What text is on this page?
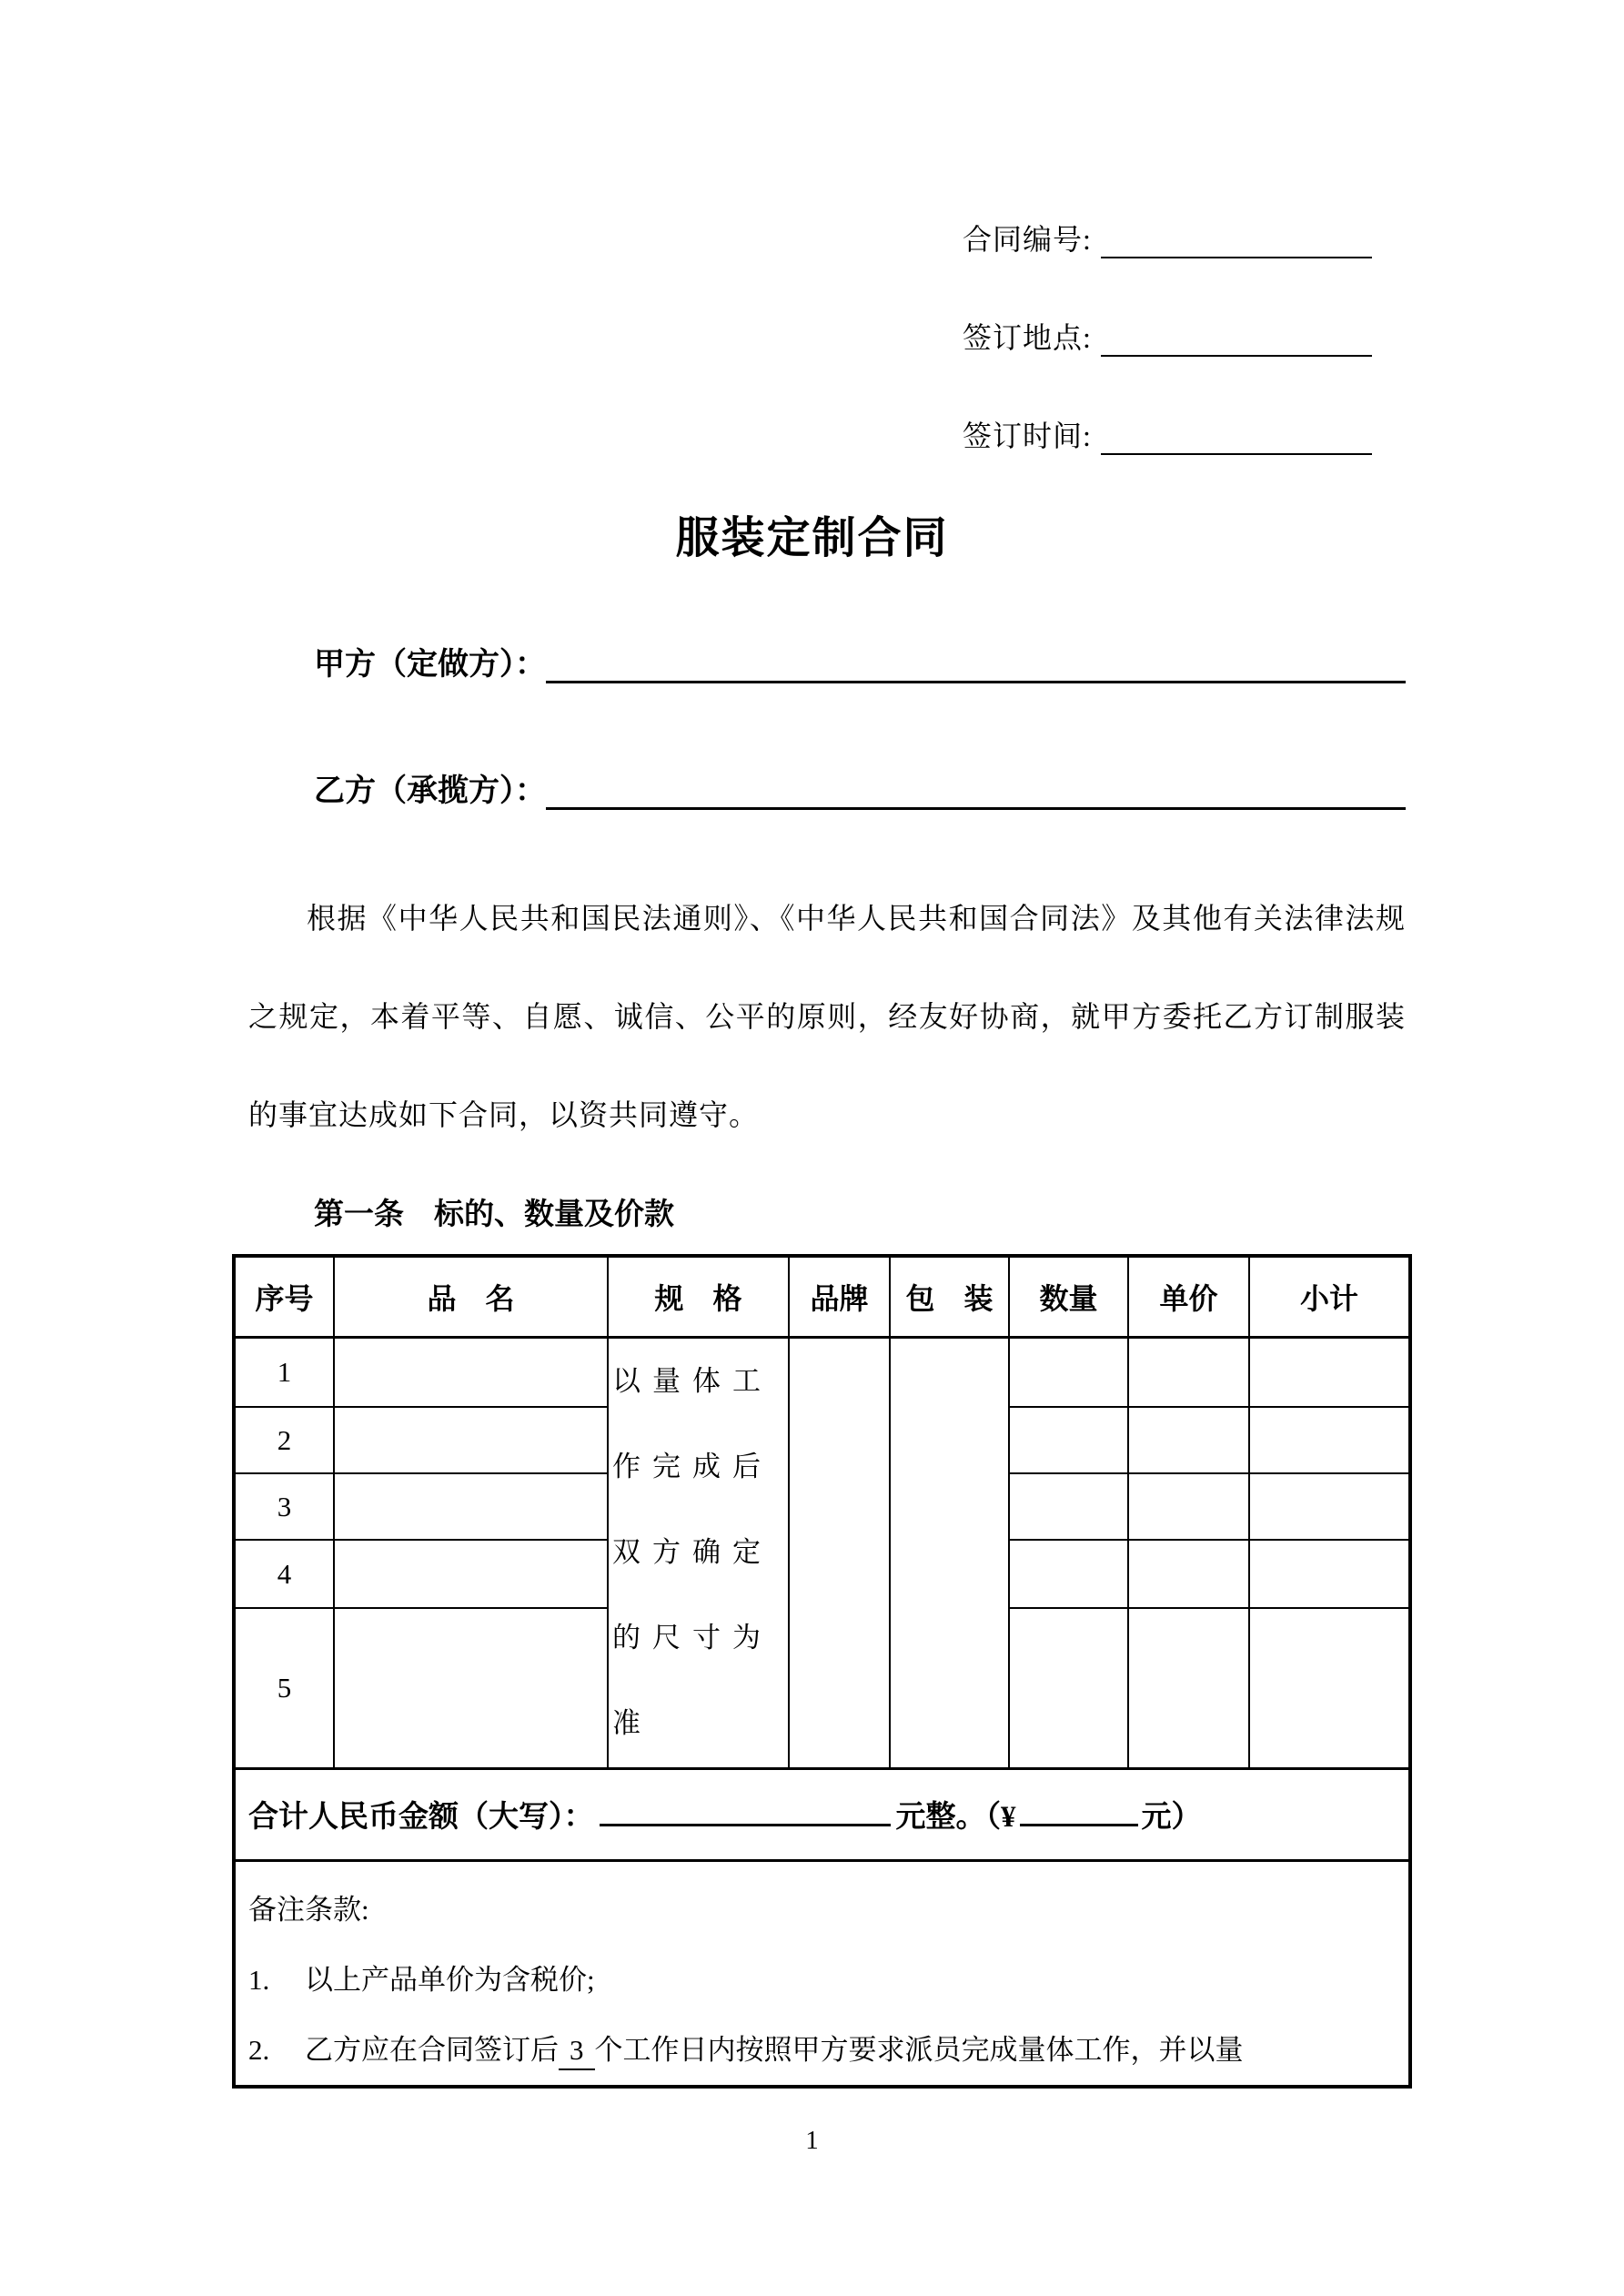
合同编号:
签订地点:
签订时间:
服装定制合同
甲方（定做方）：
乙方（承揽方）：
根据《中华人民共和国民法通则》、《中华人民共和国合同法》及其他有关法律法规之规定，本着平等、自愿、诚信、公平的原则，经友好协商，就甲方委托乙方订制服装的事宜达成如下合同，以资共同遵守。
第一条　标的、数量及价款
序号	品　名	规　格	品牌	包　装	数量	单价	小计
1		以量体工作完成后双方确定的尺寸为准					
2							
3							
4							
5							
合计人民币金额（大写）： 元整。（¥ 元）							

备注条款:
1. 以上产品单价为含税价;
2. 乙方应在合同签订后 3 个工作日内按照甲方要求派员完成量体工作，并以量							
1
